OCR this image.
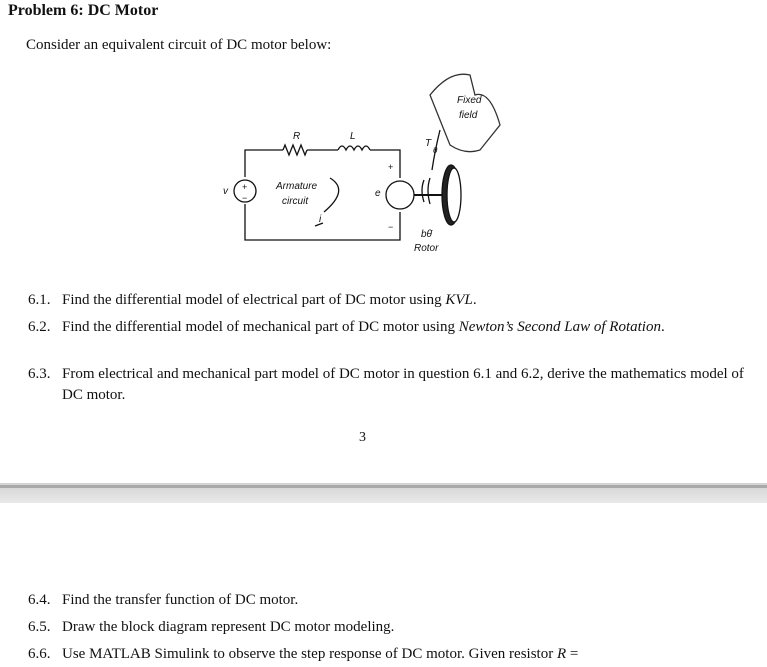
Problem 6: DC Motor
Consider an equivalent circuit of DC motor below:
R	L
v +
−
Armature
circuit
i
e
+
−
T
θ
J
bθ̇
Rotor
Fixed
field
6.1. Find the differential model of electrical part of DC motor using KVL.
6.2. Find the differential model of mechanical part of DC motor using Newton’s Second Law of Rotation.
6.3. From electrical and mechanical part model of DC motor in question 6.1 and 6.2, derive the mathematics model of DC motor.
3
6.4. Find the transfer function of DC motor.
6.5. Draw the block diagram represent DC motor modeling.
6.6. Use MATLAB Simulink to observe the step response of DC motor. Given resistor R =
